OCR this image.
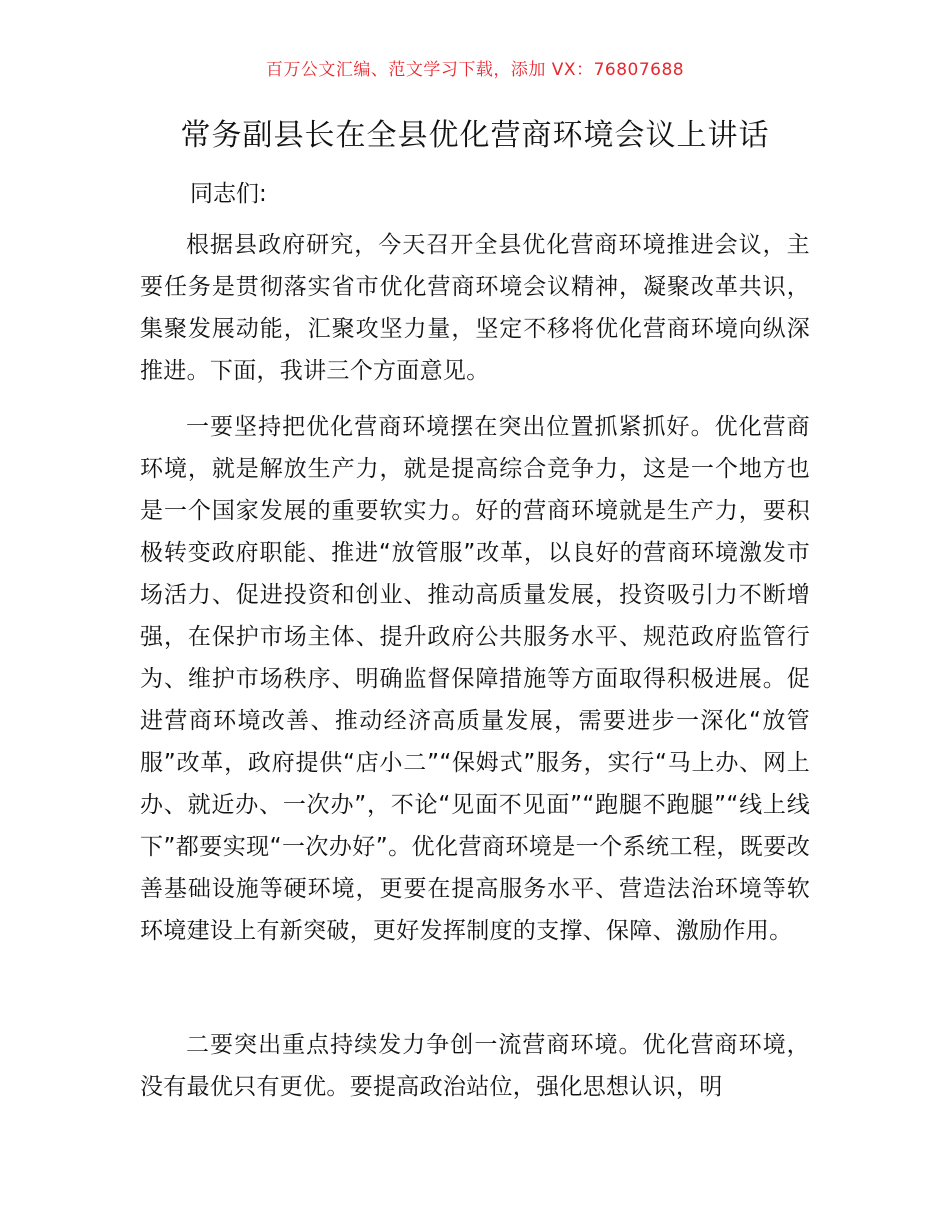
百万公文汇编、范文学习下载，添加 VX：76807688
常务副县长在全县优化营商环境会议上讲话

同志们:

根据县政府研究，今天召开全县优化营商环境推进会议，主要任务是贯彻落实省市优化营商环境会议精神，凝聚改革共识，集聚发展动能，汇聚攻坚力量，坚定不移将优化营商环境向纵深推进。下面，我讲三个方面意见。

一要坚持把优化营商环境摆在突出位置抓紧抓好。优化营商环境，就是解放生产力，就是提高综合竞争力，这是一个地方也是一个国家发展的重要软实力。好的营商环境就是生产力，要积极转变政府职能、推进“放管服”改革，以良好的营商环境激发市场活力、促进投资和创业、推动高质量发展，投资吸引力不断增强，在保护市场主体、提升政府公共服务水平、规范政府监管行为、维护市场秩序、明确监督保障措施等方面取得积极进展。促进营商环境改善、推动经济高质量发展，需要进步一深化“放管服”改革，政府提供“店小二”“保姆式”服务，实行“马上办、网上办、就近办、一次办”，不论“见面不见面”“跑腿不跑腿”“线上线下”都要实现“一次办好”。优化营商环境是一个系统工程，既要改善基础设施等硬环境，更要在提高服务水平、营造法治环境等软环境建设上有新突破，更好发挥制度的支撑、保障、激励作用。

二要突出重点持续发力争创一流营商环境。优化营商环境，没有最优只有更优。要提高政治站位，强化思想认识，明
